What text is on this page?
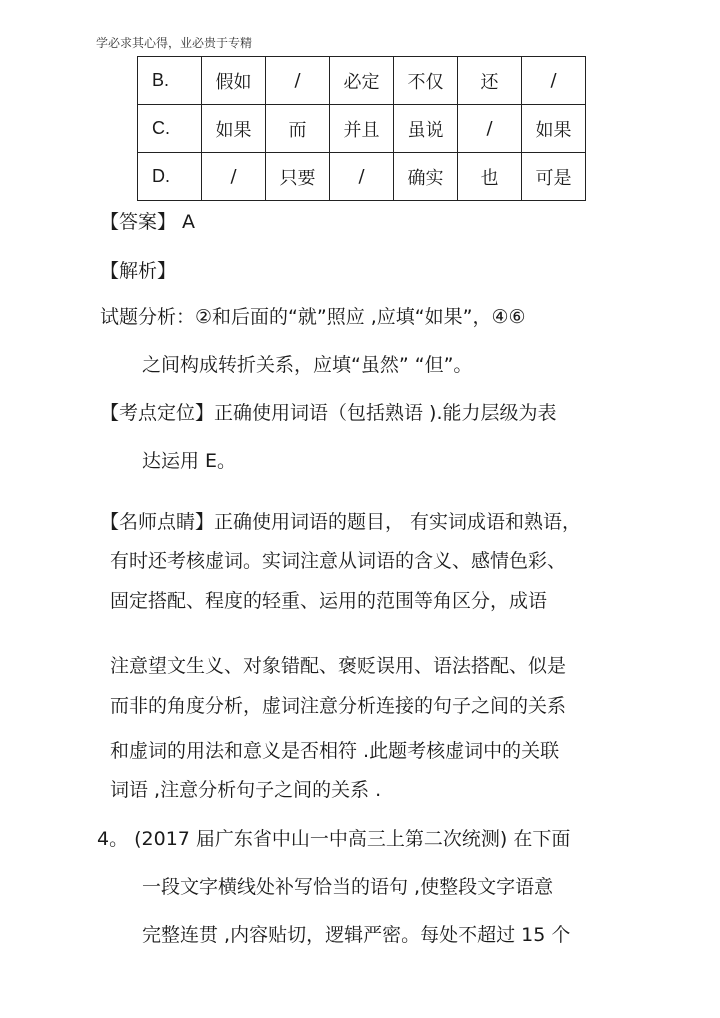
学必求其心得，业必贵于专精
B.	假如	/	必定	不仅	还	/
C.	如果	而	并且	虽说	/	如果
D.	/	只要	/	确实	也	可是
【答案】 A
【解析】
试题分析：②和后面的“就”照应 ,应填“如果”，④⑥
之间构成转折关系，应填“虽然” “但”。
【考点定位】正确使用词语（包括熟语 ).能力层级为表
达运用 E。
【名师点睛】正确使用词语的题目， 有实词成语和熟语，
有时还考核虚词。实词注意从词语的含义、感情色彩、
固定搭配、程度的轻重、运用的范围等角区分，成语
注意望文生义、对象错配、褒贬误用、语法搭配、似是
而非的角度分析，虚词注意分析连接的句子之间的关系
和虚词的用法和意义是否相符 .此题考核虚词中的关联
词语 ,注意分析句子之间的关系 .
4。 (2017 届广东省中山一中高三上第二次统测) 在下面
一段文字横线处补写恰当的语句 ,使整段文字语意
完整连贯 ,内容贴切，逻辑严密。每处不超过 15 个
